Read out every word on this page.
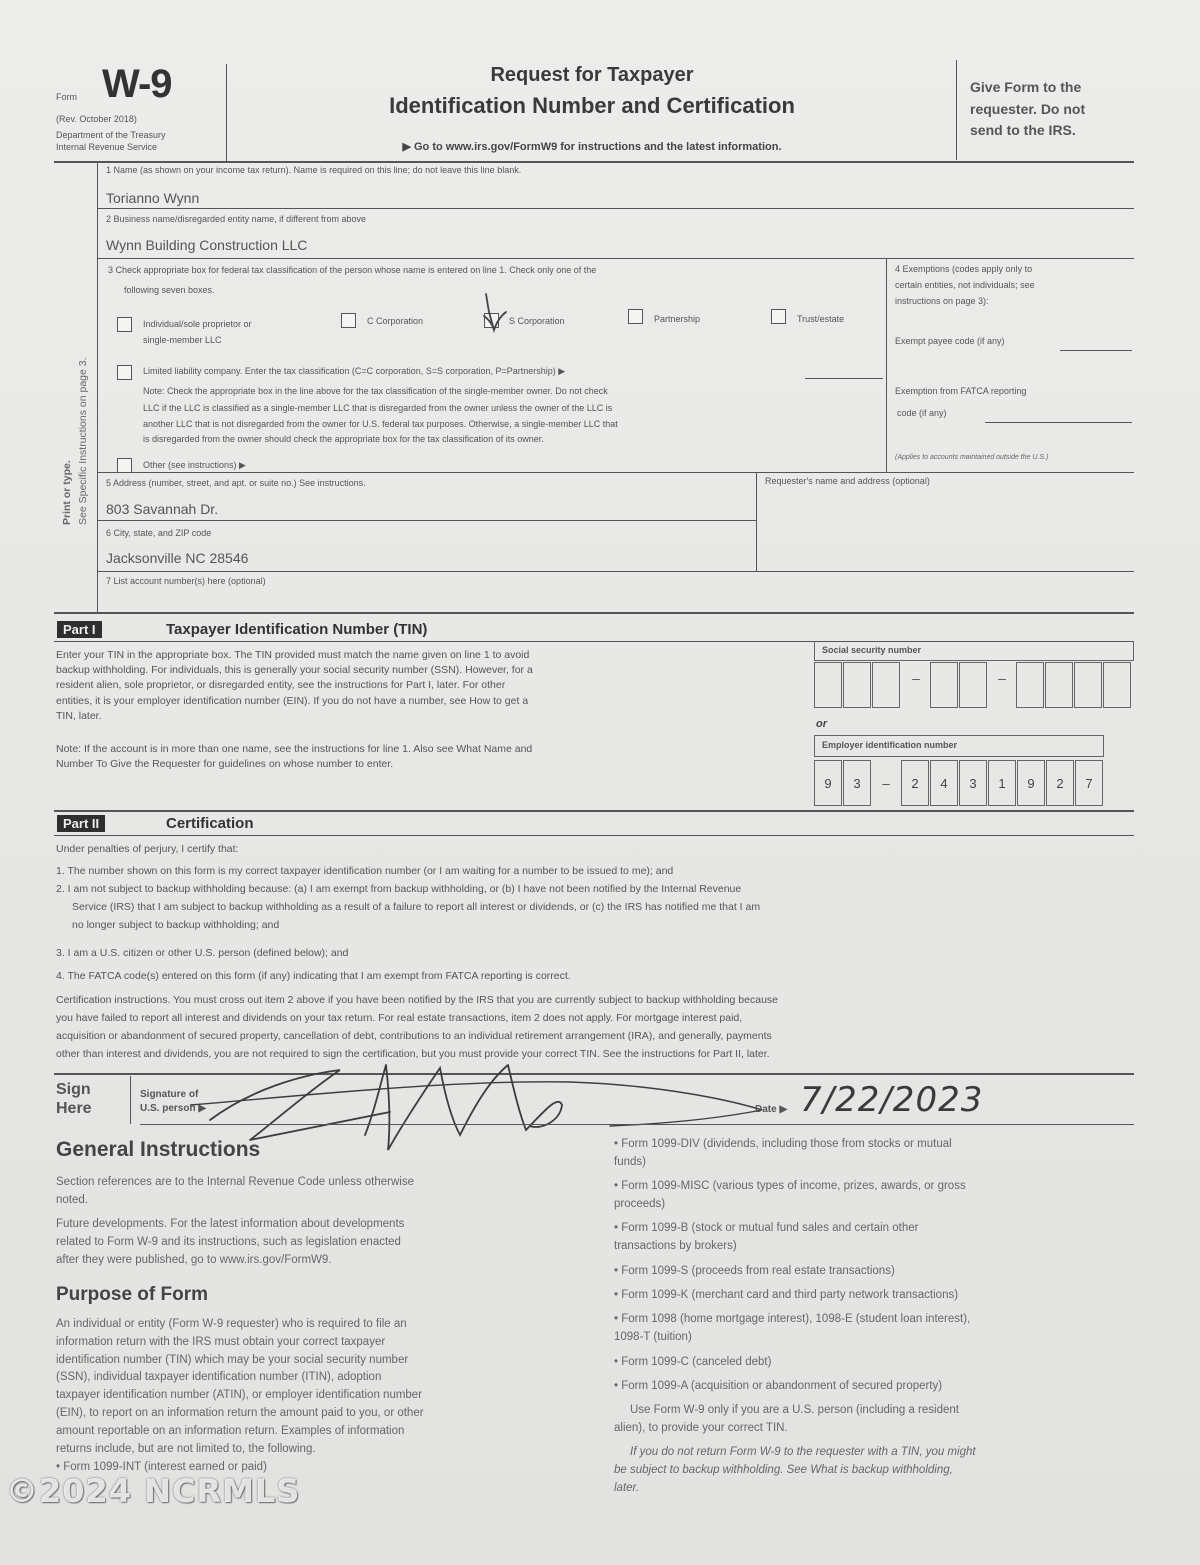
Form W-9
(Rev. October 2018)
Department of the Treasury
Internal Revenue Service
Request for Taxpayer
Identification Number and Certification
▶ Go to www.irs.gov/FormW9 for instructions and the latest information.
Give Form to the
requester. Do not
send to the IRS.
Print or type. See Specific Instructions on page 3.
1 Name (as shown on your income tax return). Name is required on this line; do not leave this line blank.
Torianno Wynn
2 Business name/disregarded entity name, if different from above
Wynn Building Construction LLC
3 Check appropriate box for federal tax classification of the person whose name is entered on line 1. Check only one of the
following seven boxes.
Individual/sole proprietor or
single-member LLC
C Corporation	S Corporation	Partnership	Trust/estate
Limited liability company. Enter the tax classification (C=C corporation, S=S corporation, P=Partnership) ▶
Note: Check the appropriate box in the line above for the tax classification of the single-member owner. Do not check
LLC if the LLC is classified as a single-member LLC that is disregarded from the owner unless the owner of the LLC is
another LLC that is not disregarded from the owner for U.S. federal tax purposes. Otherwise, a single-member LLC that
is disregarded from the owner should check the appropriate box for the tax classification of its owner.
Other (see instructions) ▶
4 Exemptions (codes apply only to
certain entities, not individuals; see
instructions on page 3):
Exempt payee code (if any)
Exemption from FATCA reporting
code (if any)
(Applies to accounts maintained outside the U.S.)
5 Address (number, street, and apt. or suite no.) See instructions.
803 Savannah Dr.
Requester's name and address (optional)
6 City, state, and ZIP code
Jacksonville NC 28546
7 List account number(s) here (optional)
Part I	Taxpayer Identification Number (TIN)
Enter your TIN in the appropriate box. The TIN provided must match the name given on line 1 to avoid
backup withholding. For individuals, this is generally your social security number (SSN). However, for a
resident alien, sole proprietor, or disregarded entity, see the instructions for Part I, later. For other
entities, it is your employer identification number (EIN). If you do not have a number, see How to get a
TIN, later.
Note: If the account is in more than one name, see the instructions for line 1. Also see What Name and
Number To Give the Requester for guidelines on whose number to enter.
Social security number
–	–
or
Employer identification number
9	3	–	2	4	3	1	9	2	7
Part II	Certification
Under penalties of perjury, I certify that:
1. The number shown on this form is my correct taxpayer identification number (or I am waiting for a number to be issued to me); and
2. I am not subject to backup withholding because: (a) I am exempt from backup withholding, or (b) I have not been notified by the Internal Revenue
Service (IRS) that I am subject to backup withholding as a result of a failure to report all interest or dividends, or (c) the IRS has notified me that I am
no longer subject to backup withholding; and
3. I am a U.S. citizen or other U.S. person (defined below); and
4. The FATCA code(s) entered on this form (if any) indicating that I am exempt from FATCA reporting is correct.
Certification instructions. You must cross out item 2 above if you have been notified by the IRS that you are currently subject to backup withholding because
you have failed to report all interest and dividends on your tax return. For real estate transactions, item 2 does not apply. For mortgage interest paid,
acquisition or abandonment of secured property, cancellation of debt, contributions to an individual retirement arrangement (IRA), and generally, payments
other than interest and dividends, you are not required to sign the certification, but you must provide your correct TIN. See the instructions for Part II, later.
Sign
Here
Signature of
U.S. person ▶	Date ▶ 7/22/2023
General Instructions
Section references are to the Internal Revenue Code unless otherwise
noted.
Future developments. For the latest information about developments
related to Form W-9 and its instructions, such as legislation enacted
after they were published, go to www.irs.gov/FormW9.
Purpose of Form
An individual or entity (Form W-9 requester) who is required to file an
information return with the IRS must obtain your correct taxpayer
identification number (TIN) which may be your social security number
(SSN), individual taxpayer identification number (ITIN), adoption
taxpayer identification number (ATIN), or employer identification number
(EIN), to report on an information return the amount paid to you, or other
amount reportable on an information return. Examples of information
returns include, but are not limited to, the following.
• Form 1099-INT (interest earned or paid)
• Form 1099-DIV (dividends, including those from stocks or mutual
funds)
• Form 1099-MISC (various types of income, prizes, awards, or gross
proceeds)
• Form 1099-B (stock or mutual fund sales and certain other
transactions by brokers)
• Form 1099-S (proceeds from real estate transactions)
• Form 1099-K (merchant card and third party network transactions)
• Form 1098 (home mortgage interest), 1098-E (student loan interest),
1098-T (tuition)
• Form 1099-C (canceled debt)
• Form 1099-A (acquisition or abandonment of secured property)
Use Form W-9 only if you are a U.S. person (including a resident
alien), to provide your correct TIN.
If you do not return Form W-9 to the requester with a TIN, you might
be subject to backup withholding. See What is backup withholding,
later.
©2024 NCRMLS
